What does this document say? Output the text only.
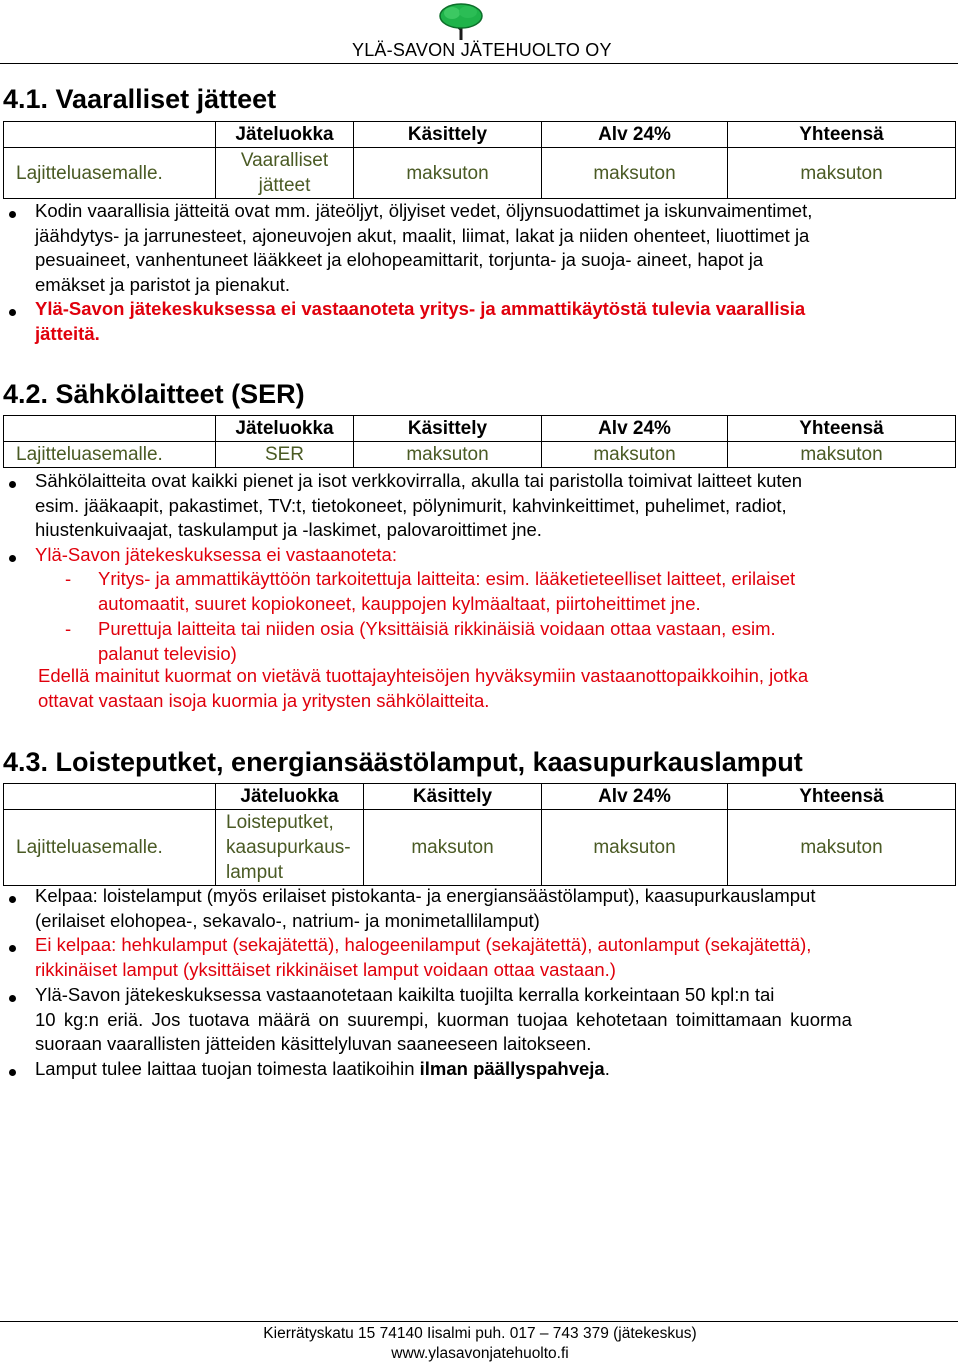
YLÄ-SAVON JÄTEHUOLTO OY
4.1. Vaaralliset jätteet
	Jäteluokka	Käsittely	Alv 24%	Yhteensä
Lajitteluasemalle.	Vaaralliset
jätteet	maksuton	maksuton	maksuton
Kodin vaarallisia jätteitä ovat mm. jäteöljyt, öljyiset vedet, öljynsuodattimet ja iskunvaimentimet,
jäähdytys- ja jarrunesteet, ajoneuvojen akut, maalit, liimat, lakat ja niiden ohenteet, liuottimet ja
pesuaineet, vanhentuneet lääkkeet ja elohopeamittarit, torjunta- ja suoja- aineet, hapot ja
emäkset ja paristot ja pienakut.
Ylä-Savon jätekeskuksessa ei vastaanoteta yritys- ja ammattikäytöstä tulevia vaarallisia
jätteitä.
4.2. Sähkölaitteet (SER)
	Jäteluokka	Käsittely	Alv 24%	Yhteensä
Lajitteluasemalle.	SER	maksuton	maksuton	maksuton
Sähkölaitteita ovat kaikki pienet ja isot verkkovirralla, akulla tai paristolla toimivat laitteet kuten
esim. jääkaapit, pakastimet, TV:t, tietokoneet, pölynimurit, kahvinkeittimet, puhelimet, radiot,
hiustenkuivaajat, taskulamput ja -laskimet, palovaroittimet jne.
Ylä-Savon jätekeskuksessa ei vastaanoteta:
- Yritys- ja ammattikäyttöön tarkoitettuja laitteita: esim. lääketieteelliset laitteet, erilaiset
automaatit, suuret kopiokoneet, kauppojen kylmäaltaat, piirtoheittimet jne.
- Purettuja laitteita tai niiden osia (Yksittäisiä rikkinäisiä voidaan ottaa vastaan, esim.
palanut televisio)
Edellä mainitut kuormat on vietävä tuottajayhteisöjen hyväksymiin vastaanottopaikkoihin, jotka
ottavat vastaan isoja kuormia ja yritysten sähkölaitteita.
4.3. Loisteputket, energiansäästölamput, kaasupurkauslamput
	Jäteluokka	Käsittely	Alv 24%	Yhteensä
Lajitteluasemalle.	Loisteputket,
kaasupurkaus-
lamput	maksuton	maksuton	maksuton
Kelpaa: loistelamput (myös erilaiset pistokanta- ja energiansäästölamput), kaasupurkauslamput
(erilaiset elohopea-, sekavalo-, natrium- ja monimetallilamput)
Ei kelpaa: hehkulamput (sekajätettä), halogeenilamput (sekajätettä), autonlamput (sekajätettä),
rikkinäiset lamput (yksittäiset rikkinäiset lamput voidaan ottaa vastaan.)
Ylä-Savon jätekeskuksessa vastaanotetaan kaikilta tuojilta kerralla korkeintaan 50 kpl:n tai
10 kg:n eriä. Jos tuotava määrä on suurempi, kuorman tuojaa kehotetaan toimittamaan kuorma
suoraan vaarallisten jätteiden käsittelyluvan saaneeseen laitokseen.
Lamput tulee laittaa tuojan toimesta laatikoihin ilman päällyspahveja.
Kierrätyskatu 15 74140 Iisalmi puh. 017 – 743 379 (jätekeskus)
www.ylasavonjatehuolto.fi
